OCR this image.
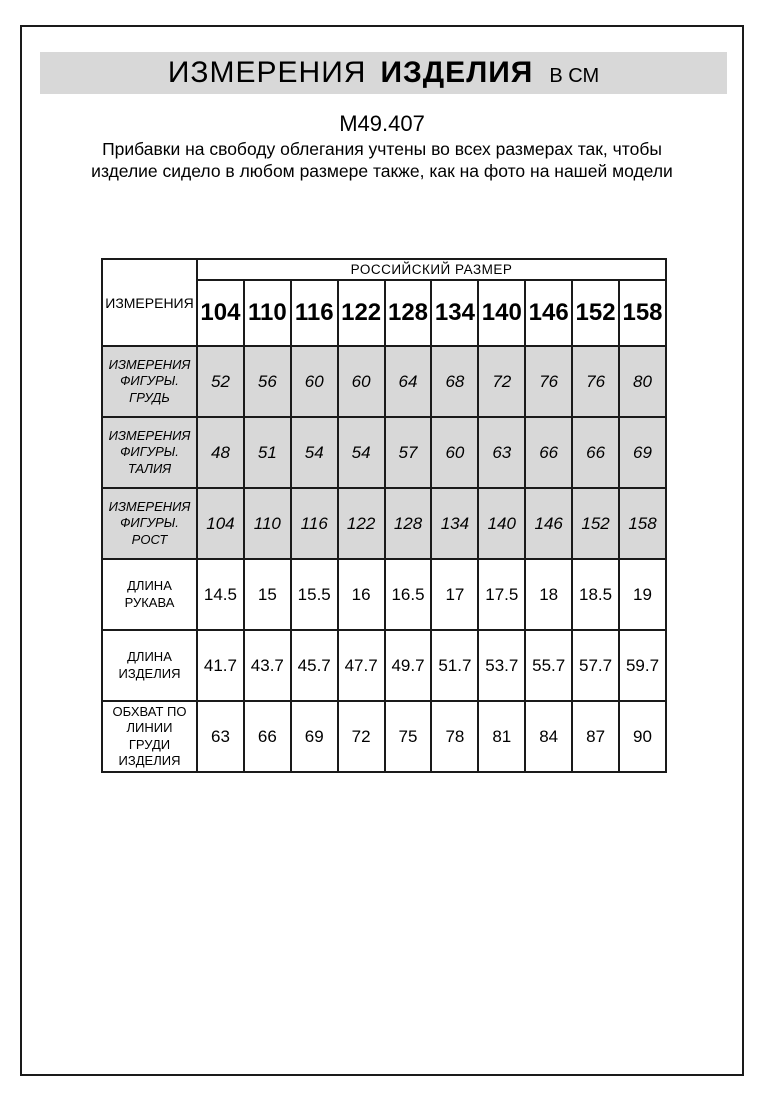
ИЗМЕРЕНИЯ ИЗДЕЛИЯ В СМ
М49.407
Прибавки на свободу облегания учтены во всех размерах так, чтобы изделие сидело в любом размере также, как на фото на нашей модели
ИЗМЕРЕНИЯ	РОССИЙСКИЙ РАЗМЕР									
	104	110	116	122	128	134	140	146	152	158
ИЗМЕРЕНИЯ ФИГУРЫ. ГРУДЬ	52	56	60	60	64	68	72	76	76	80
ИЗМЕРЕНИЯ ФИГУРЫ. ТАЛИЯ	48	51	54	54	57	60	63	66	66	69
ИЗМЕРЕНИЯ ФИГУРЫ. РОСТ	104	110	116	122	128	134	140	146	152	158
ДЛИНА РУКАВА	14.5	15	15.5	16	16.5	17	17.5	18	18.5	19
ДЛИНА ИЗДЕЛИЯ	41.7	43.7	45.7	47.7	49.7	51.7	53.7	55.7	57.7	59.7
ОБХВАТ ПО ЛИНИИ ГРУДИ ИЗДЕЛИЯ	63	66	69	72	75	78	81	84	87	90
